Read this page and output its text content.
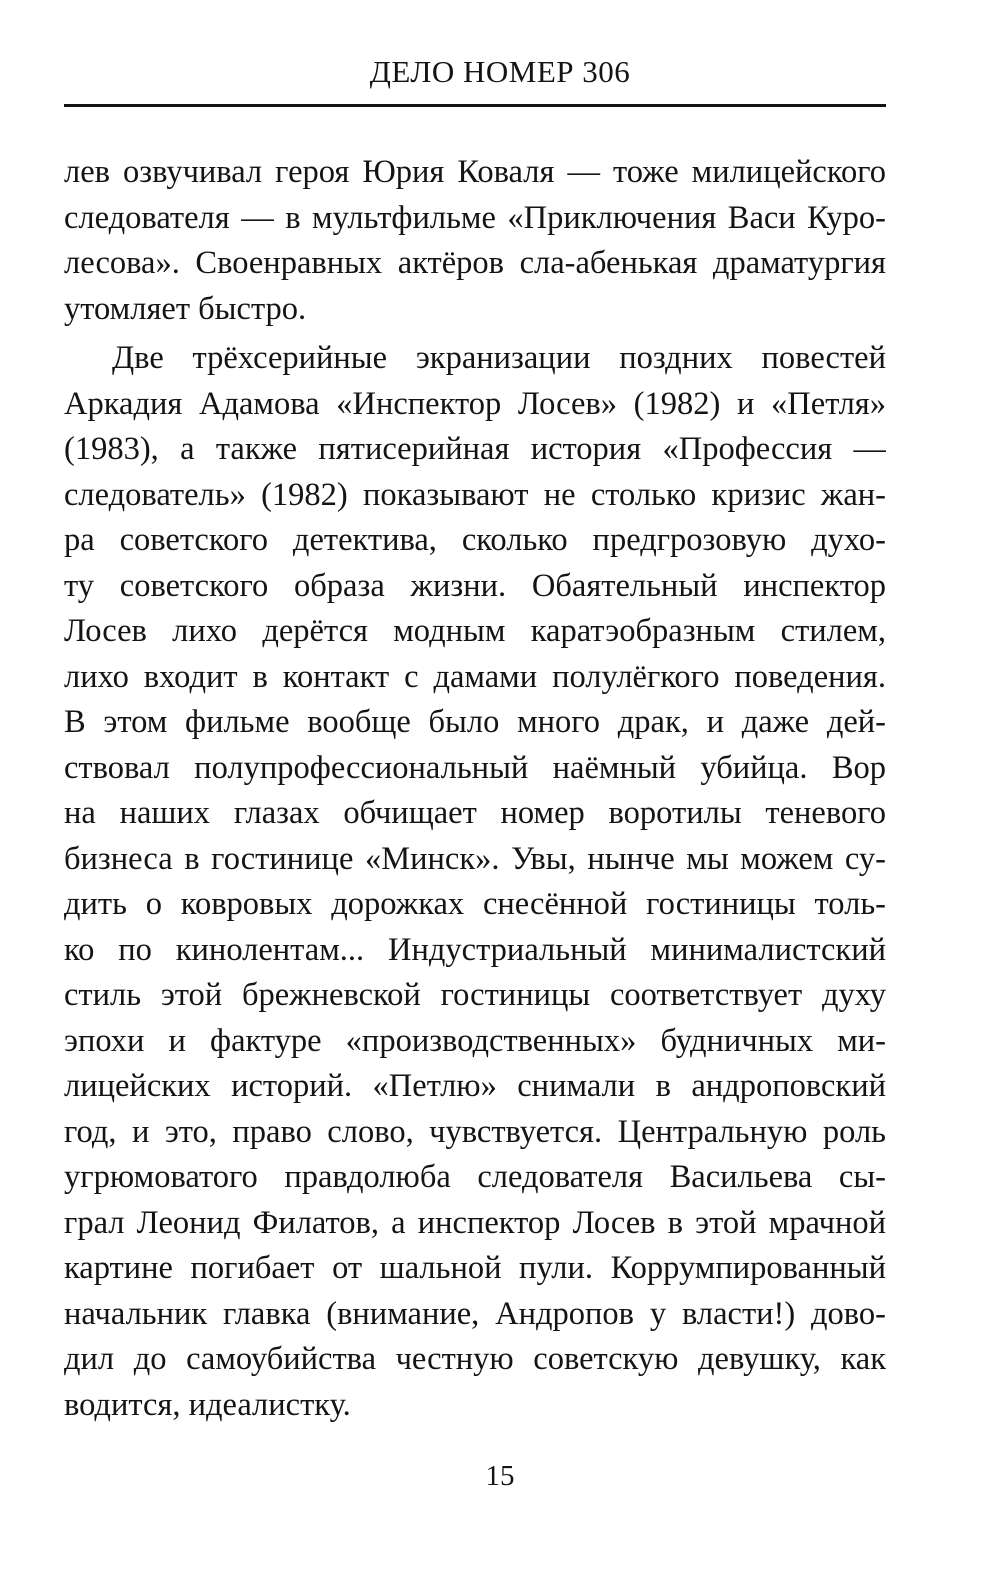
ДЕЛО НОМЕР 306
лев озвучивал героя Юрия Коваля — тоже милицейского
следователя — в мультфильме «Приключения Васи Куро-
лесова». Своенравных актёров сла-абенькая драматургия
утомляет быстро.
Две трёхсерийные экранизации поздних повестей
Аркадия Адамова «Инспектор Лосев» (1982) и «Петля»
(1983), а также пятисерийная история «Профессия —
следователь» (1982) показывают не столько кризис жан-
ра советского детектива, сколько предгрозовую духо-
ту советского образа жизни. Обаятельный инспектор
Лосев лихо дерётся модным каратэобразным стилем,
лихо входит в контакт с дамами полулёгкого поведения.
В этом фильме вообще было много драк, и даже дей-
ствовал полупрофессиональный наёмный убийца. Вор
на наших глазах обчищает номер воротилы теневого
бизнеса в гостинице «Минск». Увы, нынче мы можем су-
дить о ковровых дорожках снесённой гостиницы толь-
ко по кинолентам... Индустриальный минималистский
стиль этой брежневской гостиницы соответствует духу
эпохи и фактуре «производственных» будничных ми-
лицейских историй. «Петлю» снимали в андроповский
год, и это, право слово, чувствуется. Центральную роль
угрюмоватого правдолюба следователя Васильева сы-
грал Леонид Филатов, а инспектор Лосев в этой мрачной
картине погибает от шальной пули. Коррумпированный
начальник главка (внимание, Андропов у власти!) дово-
дил до самоубийства честную советскую девушку, как
водится, идеалистку.
15
